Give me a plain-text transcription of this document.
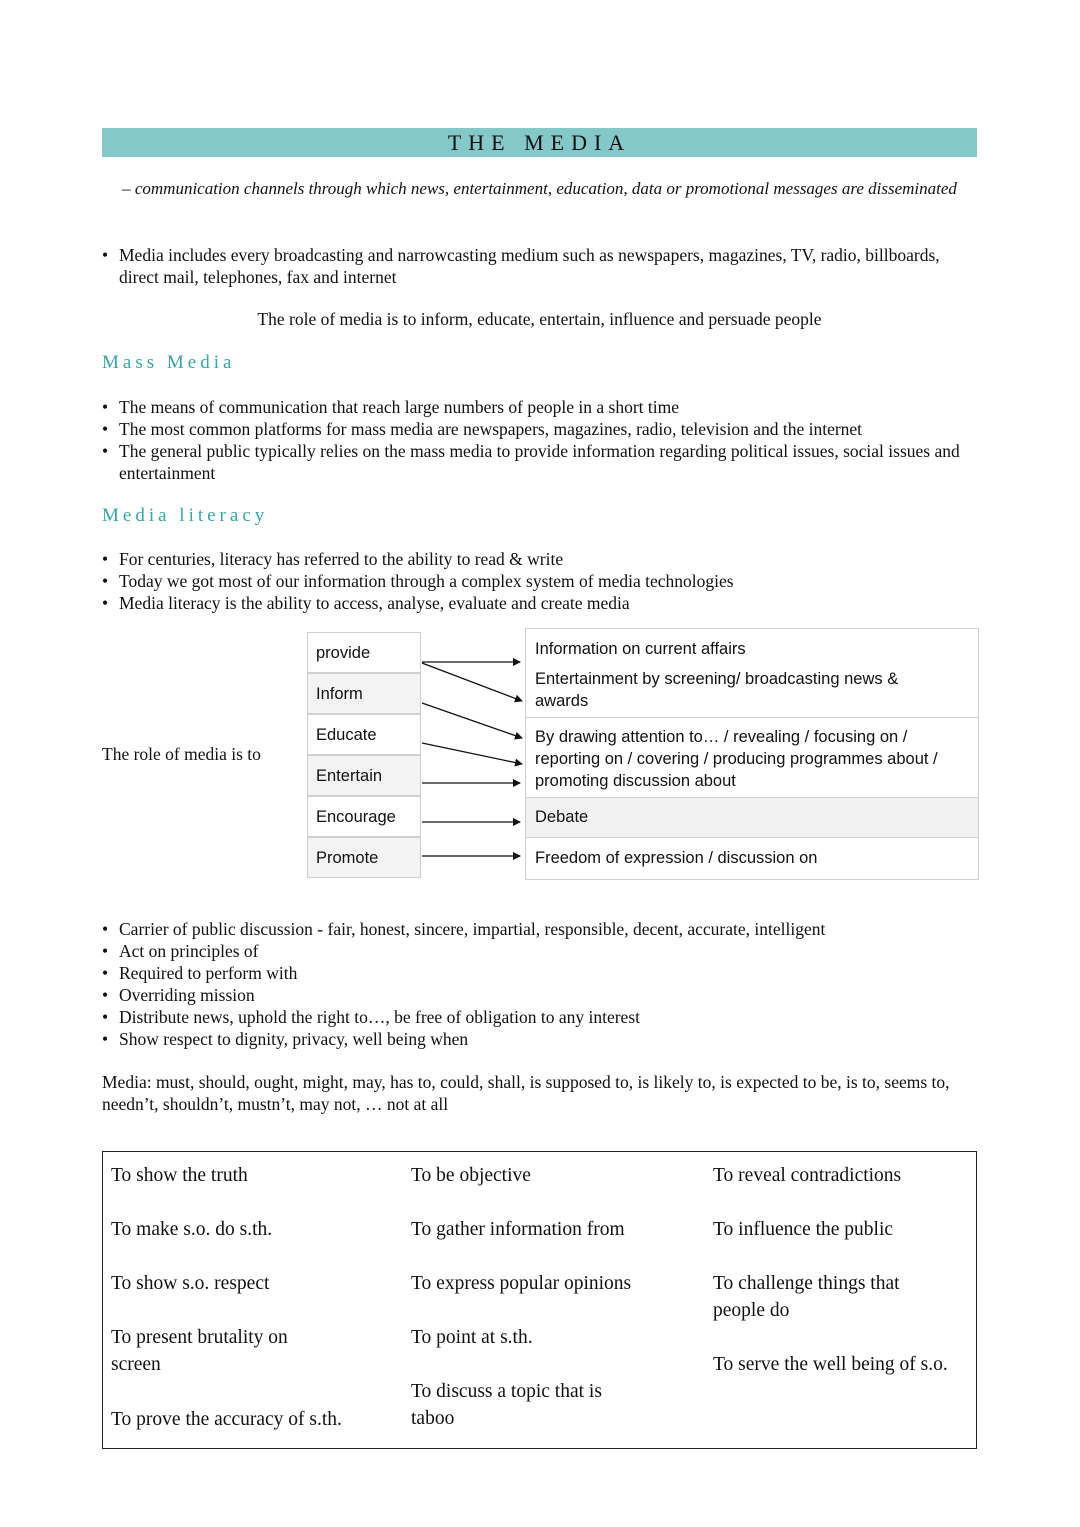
THE MEDIA
– communication channels through which news, entertainment, education, data or promotional messages are disseminated
• Media includes every broadcasting and narrowcasting medium such as newspapers, magazines, TV, radio, billboards, direct mail, telephones, fax and internet
The role of media is to inform, educate, entertain, influence and persuade people
Mass Media
• The means of communication that reach large numbers of people in a short time
• The most common platforms for mass media are newspapers, magazines, radio, television and the internet
• The general public typically relies on the mass media to provide information regarding political issues, social issues and entertainment
Media literacy
• For centuries, literacy has referred to the ability to read & write
• Today we got most of our information through a complex system of media technologies
• Media literacy is the ability to access, analyse, evaluate and create media
The role of media is to
provide
Inform
Educate
Entertain
Encourage
Promote
Information on current affairs
Entertainment by screening/ broadcasting news & awards
By drawing attention to… / revealing / focusing on / reporting on / covering / producing programmes about / promoting discussion about
Debate
Freedom of expression / discussion on
• Carrier of public discussion - fair, honest, sincere, impartial, responsible, decent, accurate, intelligent
• Act on principles of
• Required to perform with
• Overriding mission
• Distribute news, uphold the right to…, be free of obligation to any interest
• Show respect to dignity, privacy, well being when
Media: must, should, ought, might, may, has to, could, shall, is supposed to, is likely to, is expected to be, is to, seems to, needn’t, shouldn’t, mustn’t, may not, … not at all
To show the truth
To make s.o. do s.th.
To show s.o. respect
To present brutality on screen
To prove the accuracy of s.th.
To be objective
To gather information from
To express popular opinions
To point at s.th.
To discuss a topic that is taboo
To reveal contradictions
To influence the public
To challenge things that people do
To serve the well being of s.o.
